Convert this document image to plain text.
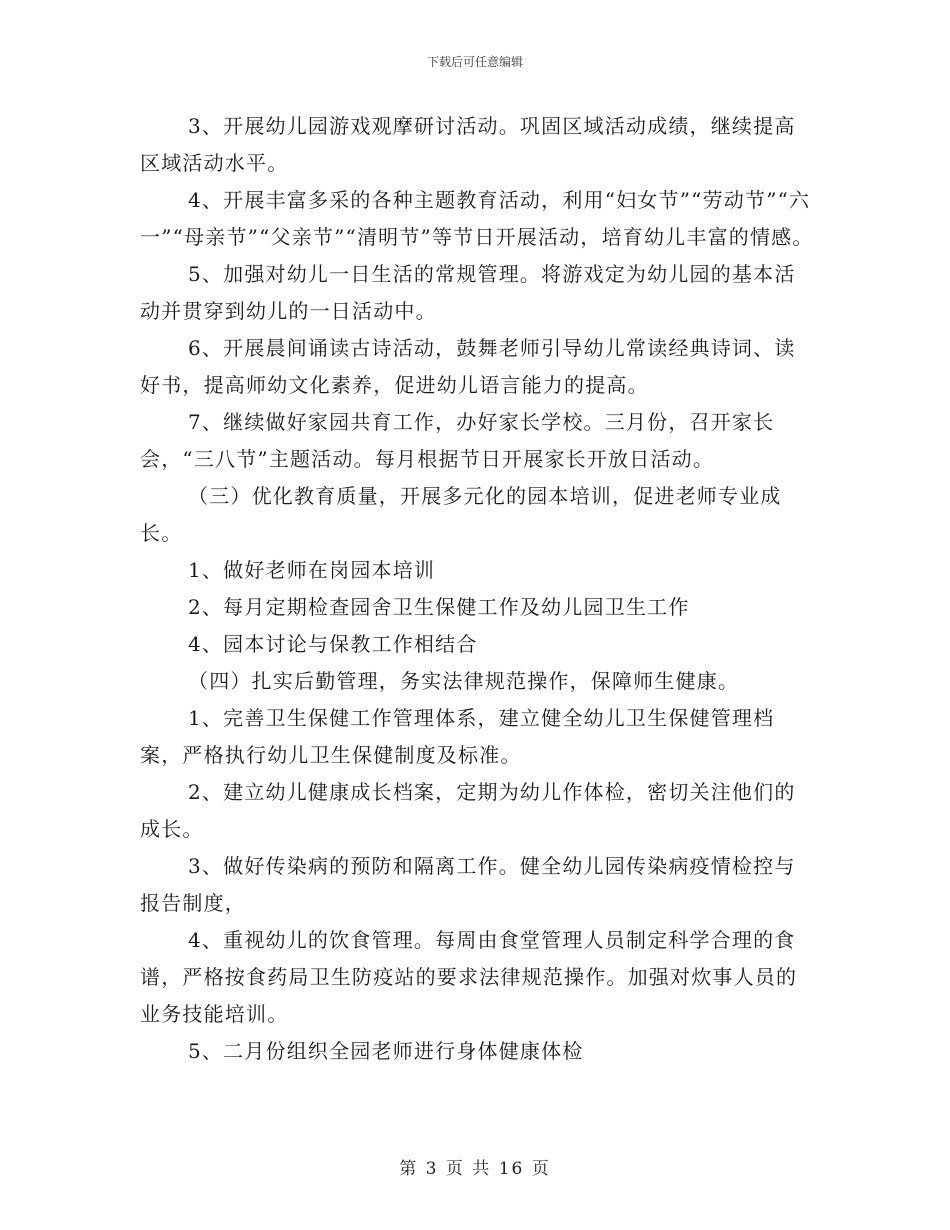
下载后可任意编辑

3、开展幼儿园游戏观摩研讨活动。巩固区域活动成绩，继续提高区域活动水平。

4、开展丰富多采的各种主题教育活动，利用“妇女节”“劳动节”“六一”“母亲节”“父亲节”“清明节”等节日开展活动，培育幼儿丰富的情感。

5、加强对幼儿一日生活的常规管理。将游戏定为幼儿园的基本活动并贯穿到幼儿的一日活动中。

6、开展晨间诵读古诗活动，鼓舞老师引导幼儿常读经典诗词、读好书，提高师幼文化素养，促进幼儿语言能力的提高。

7、继续做好家园共育工作，办好家长学校。三月份，召开家长会，“三八节”主题活动。每月根据节日开展家长开放日活动。

（三）优化教育质量，开展多元化的园本培训，促进老师专业成长。

1、做好老师在岗园本培训

2、每月定期检查园舍卫生保健工作及幼儿园卫生工作

4、园本讨论与保教工作相结合

（四）扎实后勤管理，务实法律规范操作，保障师生健康。

1、完善卫生保健工作管理体系，建立健全幼儿卫生保健管理档案，严格执行幼儿卫生保健制度及标准。

2、建立幼儿健康成长档案，定期为幼儿作体检，密切关注他们的成长。

3、做好传染病的预防和隔离工作。健全幼儿园传染病疫情检控与报告制度，

4、重视幼儿的饮食管理。每周由食堂管理人员制定科学合理的食谱，严格按食药局卫生防疫站的要求法律规范操作。加强对炊事人员的业务技能培训。

5、二月份组织全园老师进行身体健康体检

第 3 页 共 16 页
